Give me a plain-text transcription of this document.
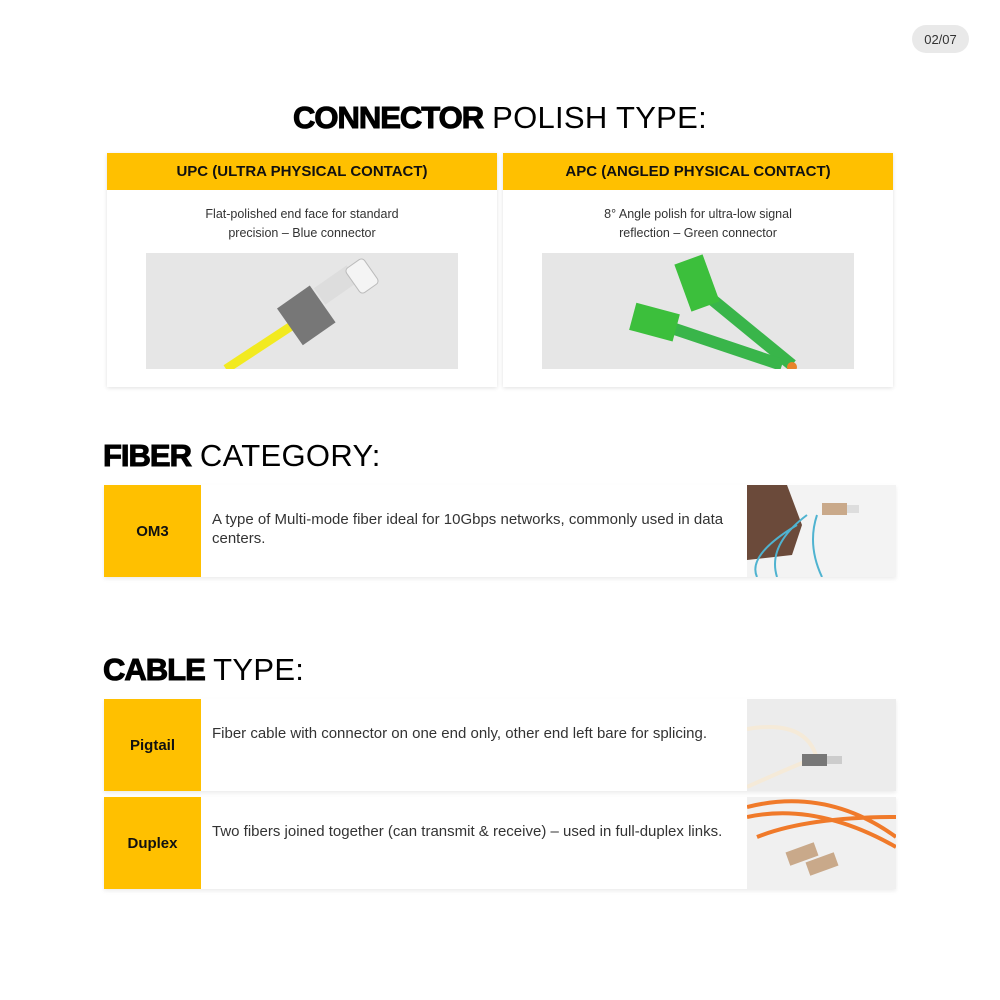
02/07
CONNECTOR POLISH TYPE:
UPC (ULTRA PHYSICAL CONTACT)
Flat-polished end face for standard precision – Blue connector
APC (ANGLED PHYSICAL CONTACT)
8° Angle polish for ultra-low signal reflection – Green connector
FIBER CATEGORY:
OM3
A type of Multi-mode fiber ideal for 10Gbps networks, commonly used in data centers.
CABLE TYPE:
Pigtail
Fiber cable with connector on one end only, other end left bare for splicing.
Duplex
Two fibers joined together (can transmit & receive) – used in full-duplex links.
